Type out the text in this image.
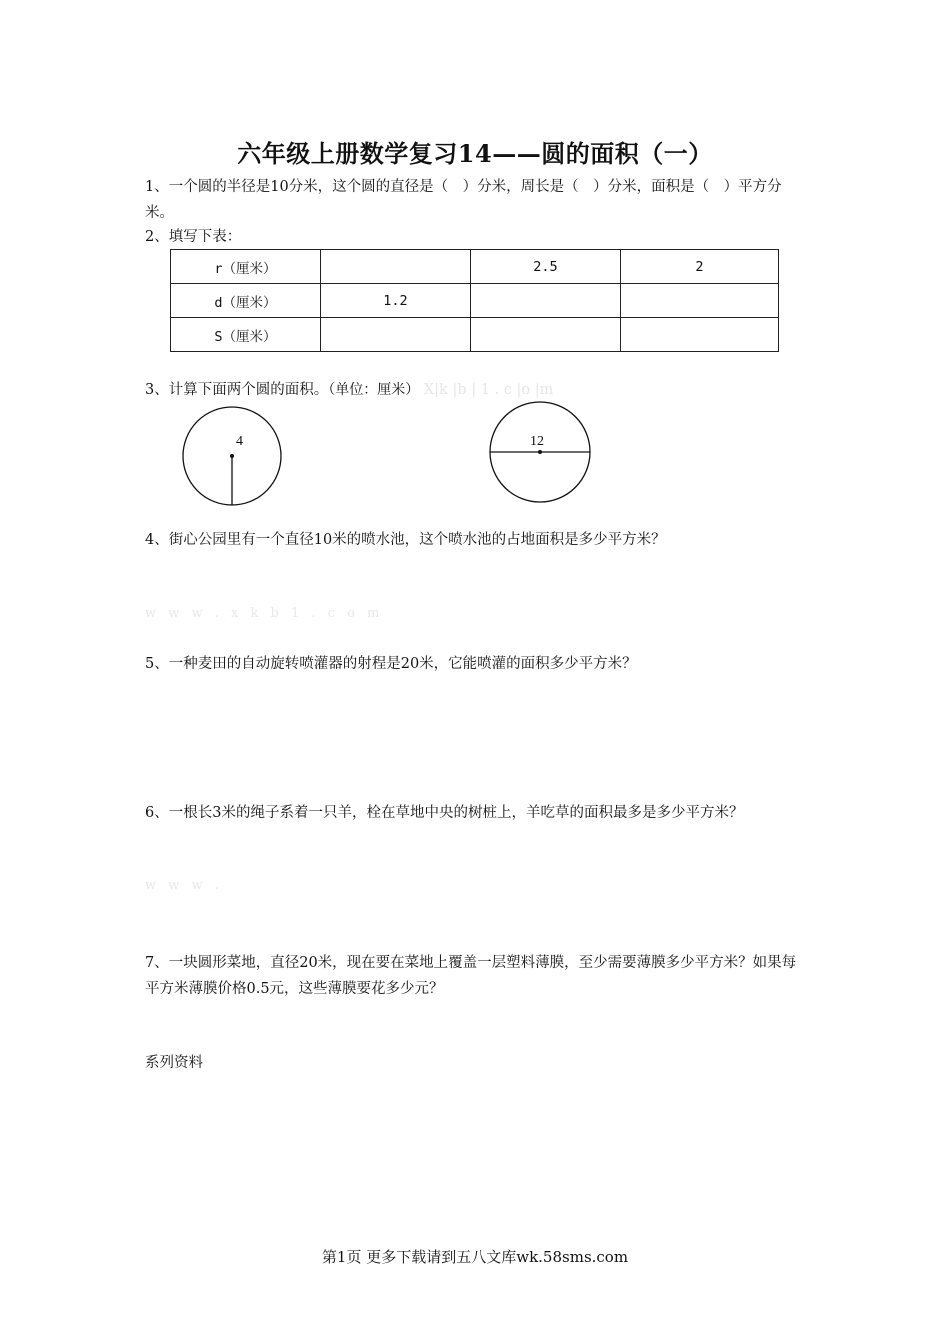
六年级上册数学复习14——圆的面积（一）
1、一个圆的半径是10分米，这个圆的直径是（　）分米，周长是（　）分米，面积是（　）平方分米。
2、填写下表：
r（厘米）		2.5	2
d（厘米）	1.2		
S（厘米）			
3、计算下面两个圆的面积。（单位：厘米） X|k |b | 1 . c |o |m
4	12
4、街心公园里有一个直径10米的喷水池，这个喷水池的占地面积是多少平方米？
w w w . x k b 1 . c o m
5、一种麦田的自动旋转喷灌器的射程是20米，它能喷灌的面积多少平方米？
6、一根长3米的绳子系着一只羊，栓在草地中央的树桩上，羊吃草的面积最多是多少平方米？
w w w .
7、一块圆形菜地，直径20米，现在要在菜地上覆盖一层塑料薄膜，至少需要薄膜多少平方米？如果每平方米薄膜价格0.5元，这些薄膜要花多少元？
系列资料
第1页 更多下载请到五八文库wk.58sms.com
